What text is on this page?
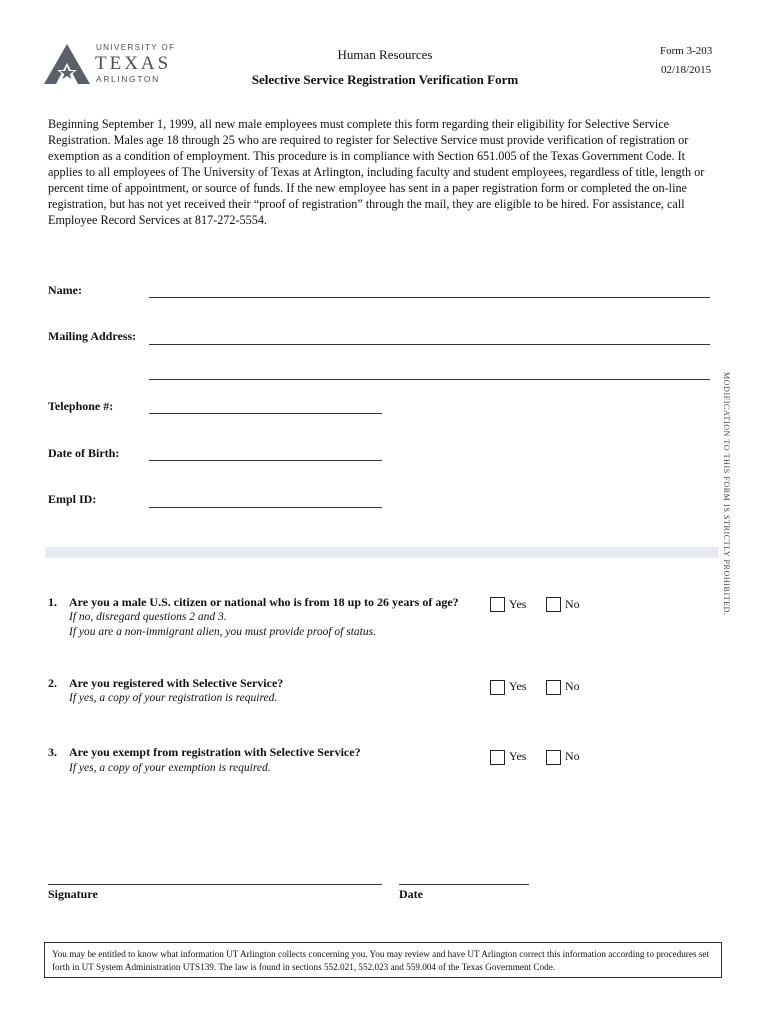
UNIVERSITY OF
TEXAS
ARLINGTON
Human Resources
Selective Service Registration Verification Form
Form 3-203
02/18/2015
Beginning September 1, 1999, all new male employees must complete this form regarding their eligibility for Selective Service Registration. Males age 18 through 25 who are required to register for Selective Service must provide verification of registration or exemption as a condition of employment. This procedure is in compliance with Section 651.005 of the Texas Government Code. It applies to all employees of The University of Texas at Arlington, including faculty and student employees, regardless of title, length or percent time of appointment, or source of funds. If the new employee has sent in a paper registration form or completed the on-line registration, but has not yet received their “proof of registration” through the mail, they are eligible to be hired. For assistance, call Employee Record Services at 817-272-5554.
Name:
Mailing Address:
Telephone #:
Date of Birth:
Empl ID:	MODIFICATION TO THIS FORM IS STRICTLY PROHIBITED.
1. Are you a male U.S. citizen or national who is from 18 up to 26 years of age?
If no, disregard questions 2 and 3.
If you are a non-immigrant alien, you must provide proof of status.
Yes	No
2. Are you registered with Selective Service?
If yes, a copy of your registration is required.
Yes	No
3. Are you exempt from registration with Selective Service?
If yes, a copy of your exemption is required.
Yes	No
Signature	Date
You may be entitled to know what information UT Arlington collects concerning you. You may review and have UT Arlington correct this information according to procedures set forth in UT System Administration UTS139. The law is found in sections 552.021, 552.023 and 559.004 of the Texas Government Code.
